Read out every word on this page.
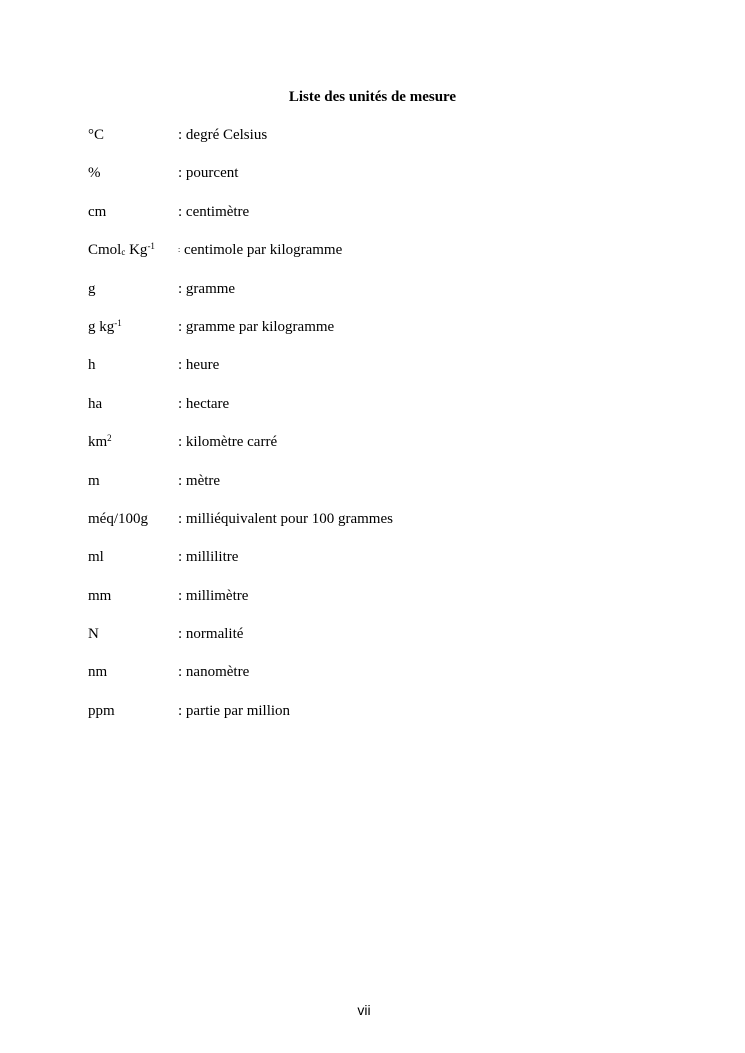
Liste des unités de mesure
°C	: degré Celsius
%	: pourcent
cm	: centimètre
Cmol$_c$ $Kg^{-1}$	: centimole par kilogramme
g	: gramme
g $kg^{-1}$	: gramme par kilogramme
h	: heure
ha	: hectare
$km^2$	: kilomètre carré
m	: mètre
méq/100g : milliéquivalent pour 100 grammes
ml	: millilitre
mm	: millimètre
N	: normalité
nm	: nanomètre
ppm	: partie par million
vii
